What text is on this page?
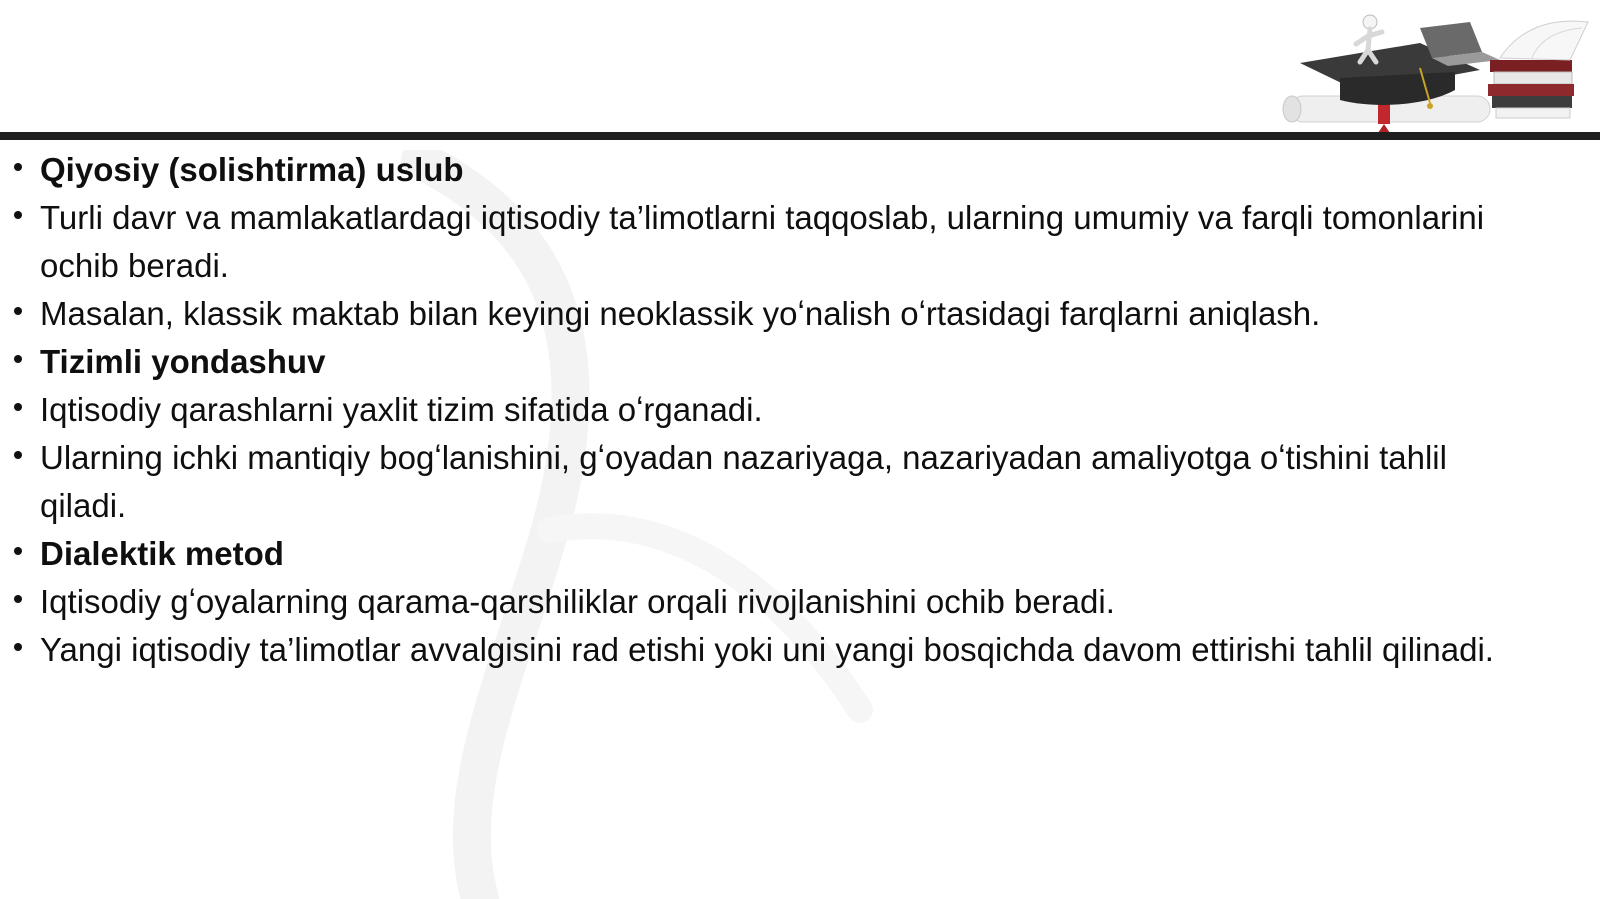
Qiyosiy (solishtirma) uslub
Turli davr va mamlakatlardagi iqtisodiy ta’limotlarni taqqoslab, ularning umumiy va farqli tomonlarini ochib beradi.
Masalan, klassik maktab bilan keyingi neoklassik yoʻnalish oʻrtasidagi farqlarni aniqlash.
Tizimli yondashuv
Iqtisodiy qarashlarni yaxlit tizim sifatida oʻrganadi.
Ularning ichki mantiqiy bogʻlanishini, gʻoyadan nazariyaga, nazariyadan amaliyotga oʻtishini tahlil qiladi.
Dialektik metod
Iqtisodiy gʻoyalarning qarama-qarshiliklar orqali rivojlanishini ochib beradi.
Yangi iqtisodiy ta’limotlar avvalgisini rad etishi yoki uni yangi bosqichda davom ettirishi tahlil qilinadi.
